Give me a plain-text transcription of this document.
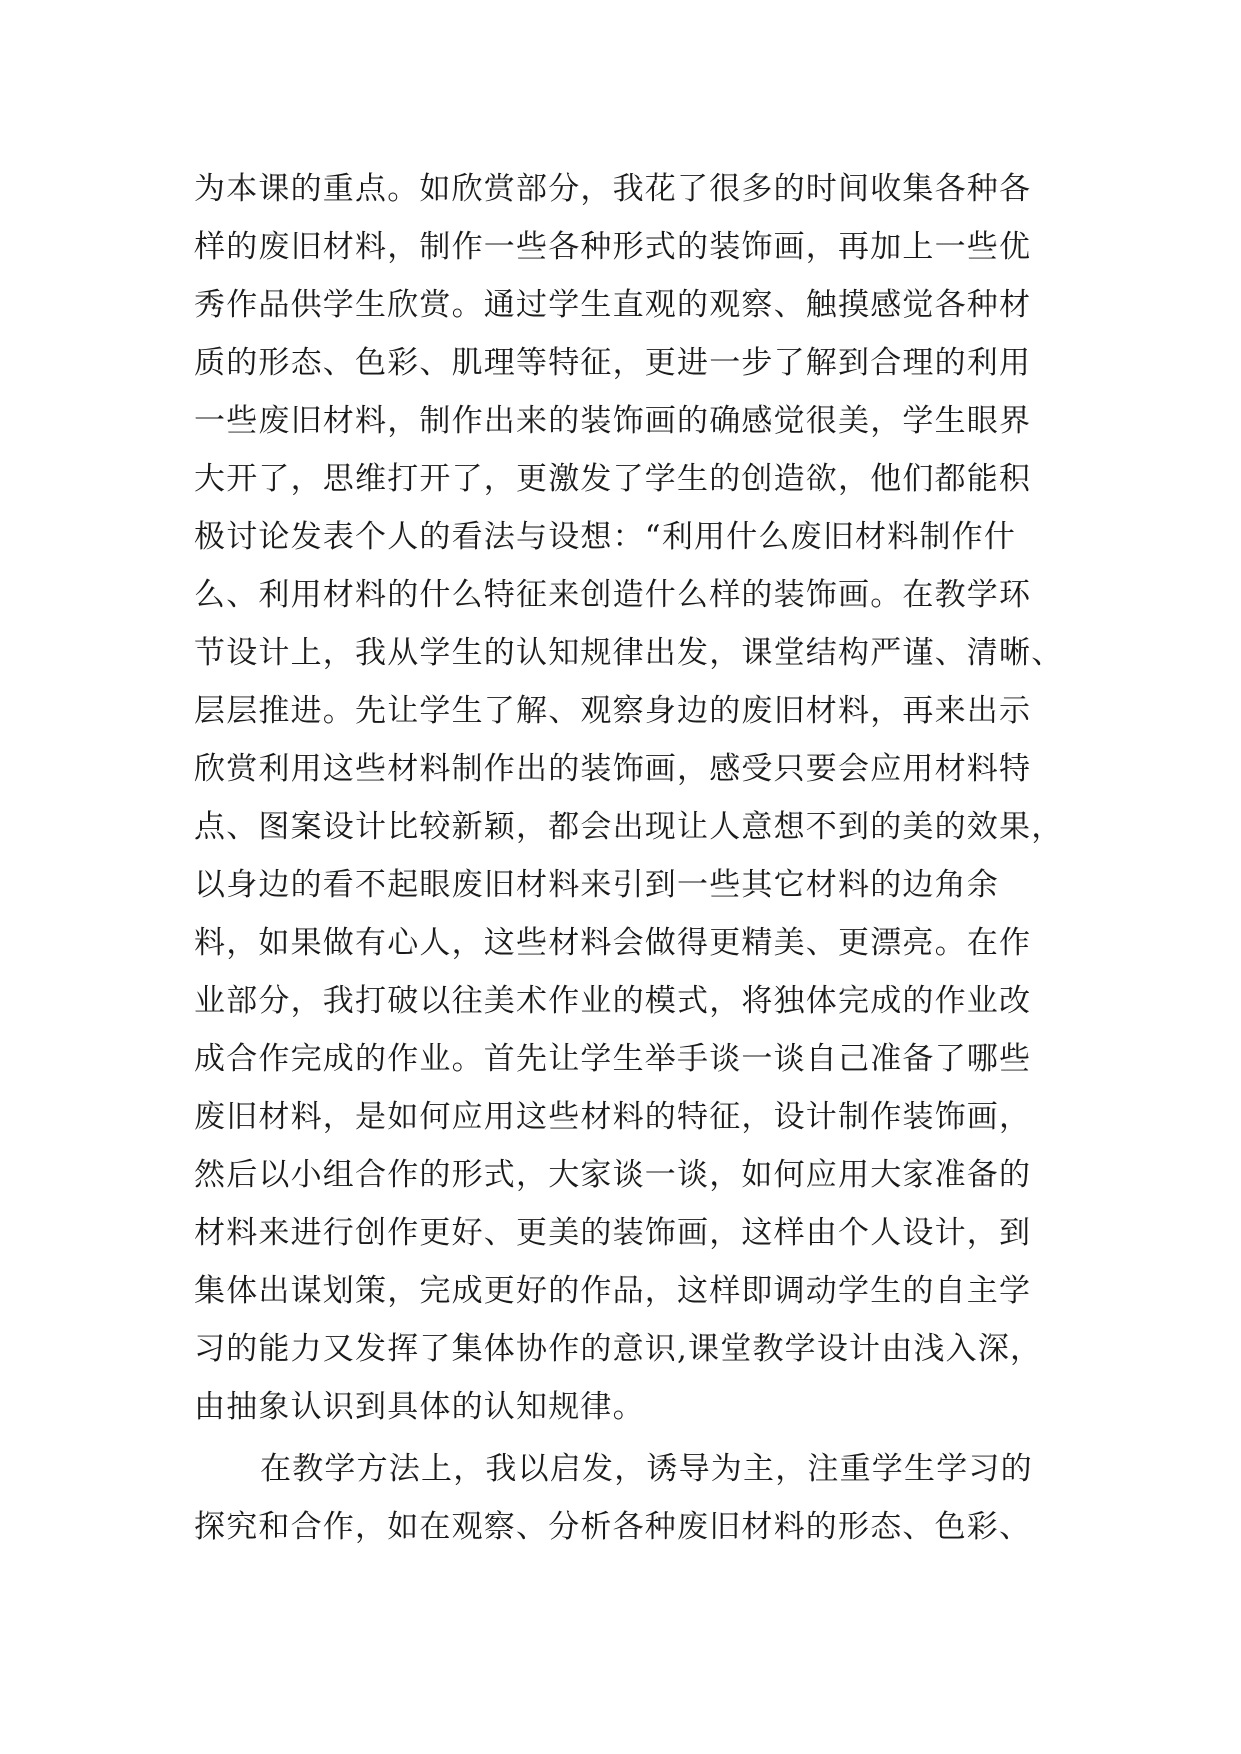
为本课的重点。如欣赏部分，我花了很多的时间收集各种各
样的废旧材料，制作一些各种形式的装饰画，再加上一些优
秀作品供学生欣赏。通过学生直观的观察、触摸感觉各种材
质的形态、色彩、肌理等特征，更进一步了解到合理的利用
一些废旧材料，制作出来的装饰画的确感觉很美，学生眼界
大开了，思维打开了，更激发了学生的创造欲，他们都能积
极讨论发表个人的看法与设想：“利用什么废旧材料制作什
么、利用材料的什么特征来创造什么样的装饰画。在教学环
节设计上，我从学生的认知规律出发，课堂结构严谨、清晰、
层层推进。先让学生了解、观察身边的废旧材料，再来出示
欣赏利用这些材料制作出的装饰画，感受只要会应用材料特
点、图案设计比较新颖，都会出现让人意想不到的美的效果，
以身边的看不起眼废旧材料来引到一些其它材料的边角余
料，如果做有心人，这些材料会做得更精美、更漂亮。在作
业部分，我打破以往美术作业的模式，将独体完成的作业改
成合作完成的作业。首先让学生举手谈一谈自己准备了哪些
废旧材料，是如何应用这些材料的特征，设计制作装饰画，
然后以小组合作的形式，大家谈一谈，如何应用大家准备的
材料来进行创作更好、更美的装饰画，这样由个人设计，到
集体出谋划策，完成更好的作品，这样即调动学生的自主学
习的能力又发挥了集体协作的意识,课堂教学设计由浅入深，
由抽象认识到具体的认知规律。
在教学方法上，我以启发，诱导为主，注重学生学习的
探究和合作，如在观察、分析各种废旧材料的形态、色彩、
